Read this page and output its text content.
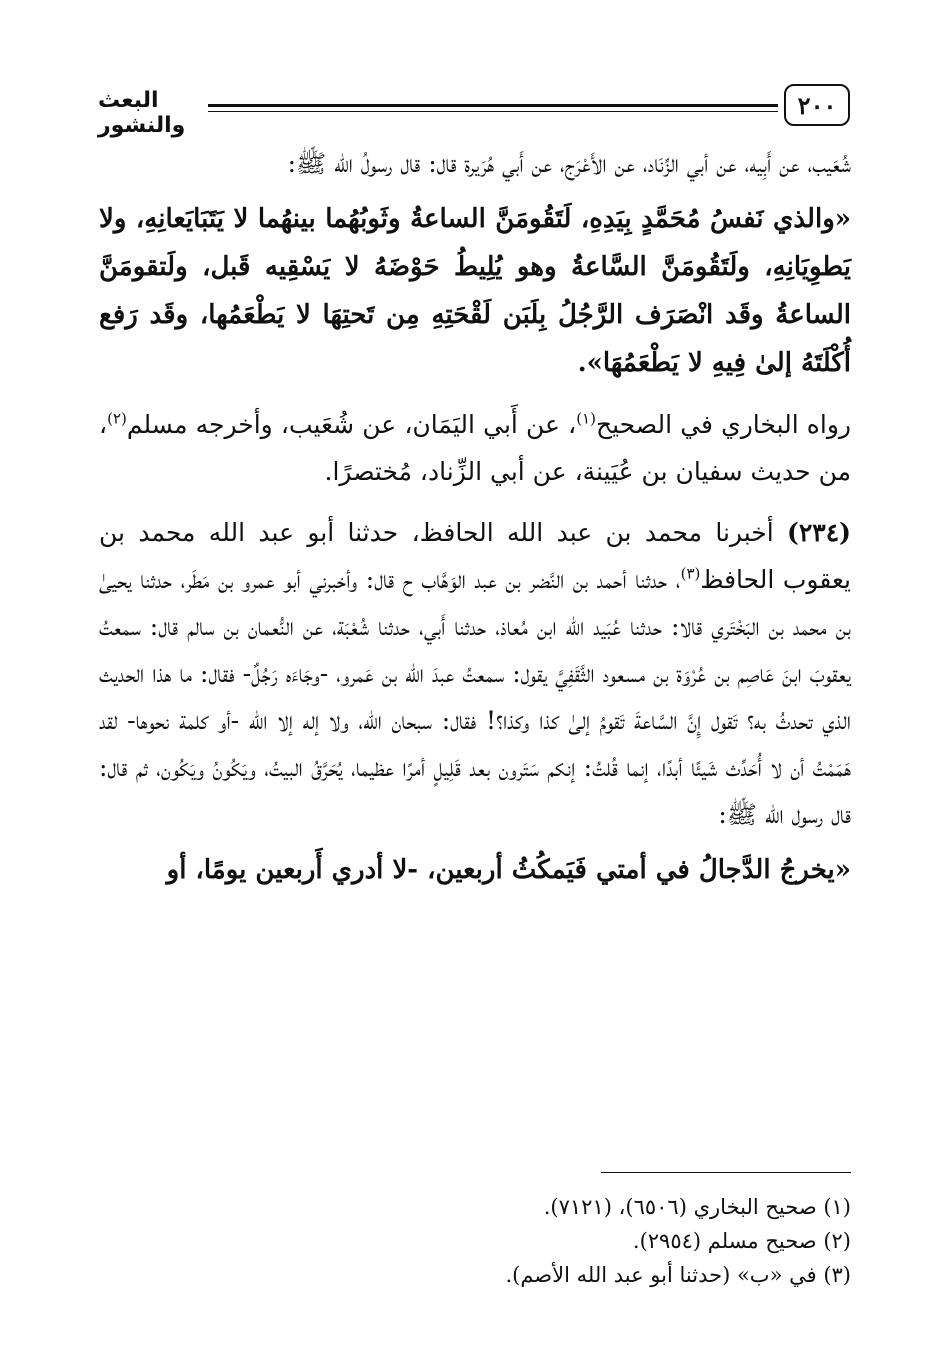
٢٠٠
البعث والنشور

شُعَيب، عن أَبِيه، عن أبي الزِّنَاد، عن الأَعْرَج، عن أَبي هُرَيرة قال: قال رسولُ الله ﷺ:

«والذي نَفسُ مُحَمَّدٍ بِيَدِهِ، لَتَقُومَنَّ الساعةُ وثَوبُهُما بينهُما لا يَتَبَايَعانِهِ، ولا يَطوِيَانِهِ، ولَتَقُومَنَّ السَّاعةُ وهو يُلِيطُ حَوْضَهُ لا يَسْقِيه قَبل، ولَتقومَنَّ الساعةُ وقَد انْصَرَف الرَّجُلُ بِلَبَن لَقْحَتِهِ مِن تَحتِهَا لا يَطْعَمُها، وقَد رَفع أُكْلَتَهُ إلىٰ فِيهِ لا يَطْعَمُهَا».

رواه البخاري في الصحيح$^{(١)}$، عن أَبي اليَمَان، عن شُعَيب، وأخرجه مسلم$^{(٢)}$، من حديث سفيان بن عُيَينة، عن أبي الزِّناد، مُختصرًا.

(٢٣٤) أخبرنا محمد بن عبد الله الحافظ، حدثنا أبو عبد الله محمد بن يعقوب الحافظ$^{(٣)}$، حدثنا أحمد بن النَّضر بن عبد الوَهَّاب ح قال: وأخبرني أبو عمرو بن مَطَر، حدثنا يحيىٰ بن محمد بن البَخْتَري قالا: حدثنا عُبَيد الله ابن مُعاذ، حدثنا أَبي، حدثنا شُعْبَة، عن النُّعمان بن سالم قال: سمعتُ يعقوبَ ابنَ عَاصِم بن عُرْوَة بن مسعود الثَّقَفِيَّ يقول: سمعتُ عبدَ الله بن عَمرو، -وجَاءَه رَجُلٌ- فقال: ما هذا الحديث الذي تحدثُ به؟ تَقول إِنَّ السَّاعةَ تَقومُ إلىٰ كذا وكذا؟! فقال: سبحان الله، ولا إله إلا الله -أو كلمة نحوها- لقد هَمَمْتُ أن لا أُحَدِّث شَيئًا أبدًا، إنما قُلتُ: إنكم سَتَرون بعد قَلِيلٍ أمرًا عظيما، يُحَرَّقُ البيتُ، ويَكُونُ ويَكُون، ثم قال: قال رسول الله ﷺ:

«يخرجُ الدَّجالُ في أمتي فَيَمكُثُ أربعين، -لا أدري أَربعين يومًا، أو

(١) صحيح البخاري (٦٥٠٦)، (٧١٢١).

(٢) صحيح مسلم (٢٩٥٤).

(٣) في «ب» (حدثنا أبو عبد الله الأصم).
